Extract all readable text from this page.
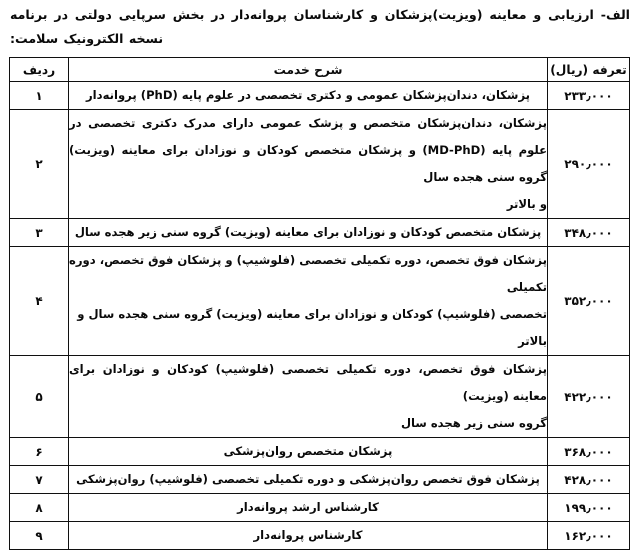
الف- ارزیابی و معاینه (ویزیت)پزشکان و کارشناسان پروانه‌دار در بخش سرپایی دولتی در برنامه
نسخه الکترونیک سلامت:
تعرفه (ریال)	شرح خدمت	ردیف
۲۳۳٫۰۰۰	پزشکان، دندان‌پزشکان عمومی و دکتری تخصصی در علوم پایه (PhD) پروانه‌دار	۱
۲۹۰٫۰۰۰	پزشکان، دندان‌پزشکان متخصص و پزشک عمومی دارای مدرک دکتری تخصصی در علوم پایه (MD-PhD) و پزشکان متخصص کودکان و نوزادان برای معاینه (ویزیت) گروه سنی هجده سال
و بالاتر	۲
۳۴۸٫۰۰۰	پزشکان متخصص کودکان و نوزادان برای معاینه (ویزیت) گروه سنی زیر هجده سال	۳
۳۵۲٫۰۰۰	پزشکان فوق تخصص، دوره تکمیلی تخصصی (فلوشیپ) و پزشکان فوق تخصص، دوره تکمیلی
تخصصی (فلوشیپ) کودکان و نوزادان برای معاینه (ویزیت) گروه سنی هجده سال و بالاتر	۴
۴۲۲٫۰۰۰	پزشکان فوق تخصص، دوره تکمیلی تخصصی (فلوشیپ) کودکان و نوزادان برای معاینه (ویزیت)
گروه سنی زیر هجده سال	۵
۳۶۸٫۰۰۰	پزشکان متخصص روان‌پزشکی	۶
۴۲۸٫۰۰۰	پزشکان فوق تخصص روان‌پزشکی و دوره تکمیلی تخصصی (فلوشیپ) روان‌پزشکی	۷
۱۹۹٫۰۰۰	کارشناس ارشد پروانه‌دار	۸
۱۶۲٫۰۰۰	کارشناس پروانه‌دار	۹
